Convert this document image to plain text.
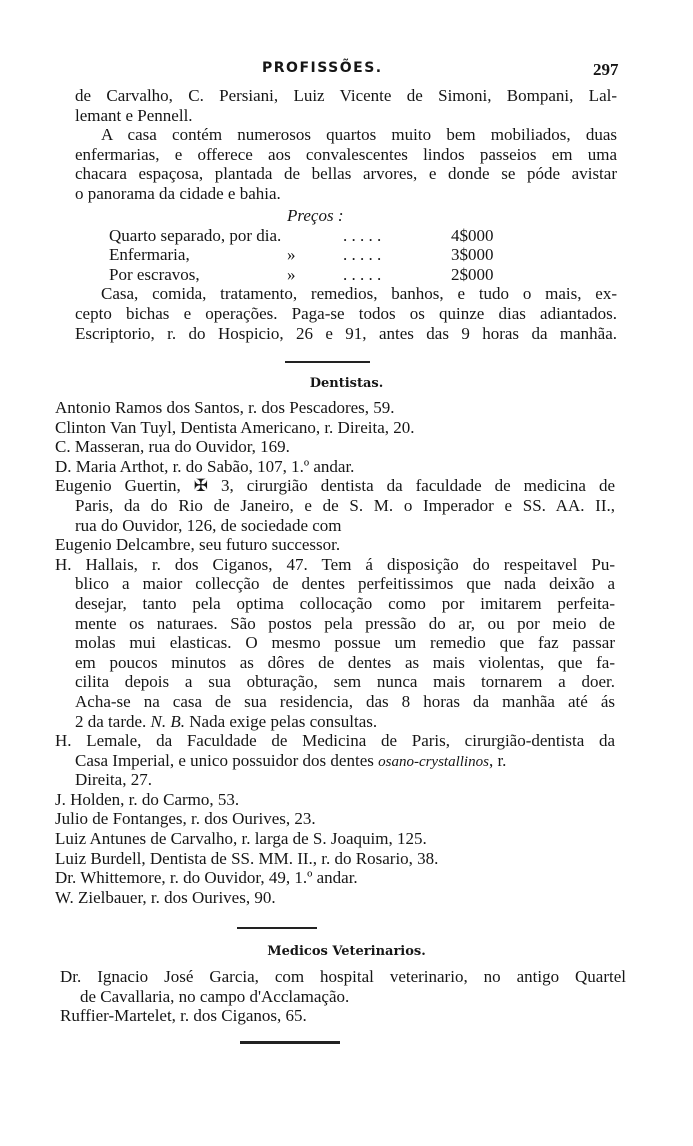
PROFISSÕES.	297
de Carvalho, C. Persiani, Luiz Vicente de Simoni, Bompani, Lal-
lemant e Pennell.
A casa contém numerosos quartos muito bem mobiliados, duas
enfermarias, e offerece aos convalescentes lindos passeios em uma
chacara espaçosa, plantada de bellas arvores, e donde se póde avistar
o panorama da cidade e bahia.
Preços :
Quarto separado, por dia.	. . . . .	4$000
Enfermaria,	»	. . . . .	3$000
Por escravos,	»	. . . . .	2$000
Casa, comida, tratamento, remedios, banhos, e tudo o mais, ex-
cepto bichas e operações. Paga-se todos os quinze dias adiantados.
Escriptorio, r. do Hospicio, 26 e 91, antes das 9 horas da manhãa.
Dentistas.
Antonio Ramos dos Santos, r. dos Pescadores, 59.
Clinton Van Tuyl, Dentista Americano, r. Direita, 20.
C. Masseran, rua do Ouvidor, 169.
D. Maria Arthot, r. do Sabão, 107, 1.º andar.
Eugenio Guertin, ✠ 3, cirurgião dentista da faculdade de medicina de
Paris, da do Rio de Janeiro, e de S. M. o Imperador e SS. AA. II.,
rua do Ouvidor, 126, de sociedade com
Eugenio Delcambre, seu futuro successor.
H. Hallais, r. dos Ciganos, 47. Tem á disposição do respeitavel Pu-
blico a maior collecção de dentes perfeitissimos que nada deixão a
desejar, tanto pela optima collocação como por imitarem perfeita-
mente os naturaes. São postos pela pressão do ar, ou por meio de
molas mui elasticas. O mesmo possue um remedio que faz passar
em poucos minutos as dôres de dentes as mais violentas, que fa-
cilita depois a sua obturação, sem nunca mais tornarem a doer.
Acha-se na casa de sua residencia, das 8 horas da manhãa até ás
2 da tarde. N. B. Nada exige pelas consultas.
H. Lemale, da Faculdade de Medicina de Paris, cirurgião-dentista da
Casa Imperial, e unico possuidor dos dentes osano-crystallinos, r.
Direita, 27.
J. Holden, r. do Carmo, 53.
Julio de Fontanges, r. dos Ourives, 23.
Luiz Antunes de Carvalho, r. larga de S. Joaquim, 125.
Luiz Burdell, Dentista de SS. MM. II., r. do Rosario, 38.
Dr. Whittemore, r. do Ouvidor, 49, 1.º andar.
W. Zielbauer, r. dos Ourives, 90.
Medicos Veterinarios.
Dr. Ignacio José Garcia, com hospital veterinario, no antigo Quartel
de Cavallaria, no campo d'Acclamação.
Ruffier-Martelet, r. dos Ciganos, 65.
